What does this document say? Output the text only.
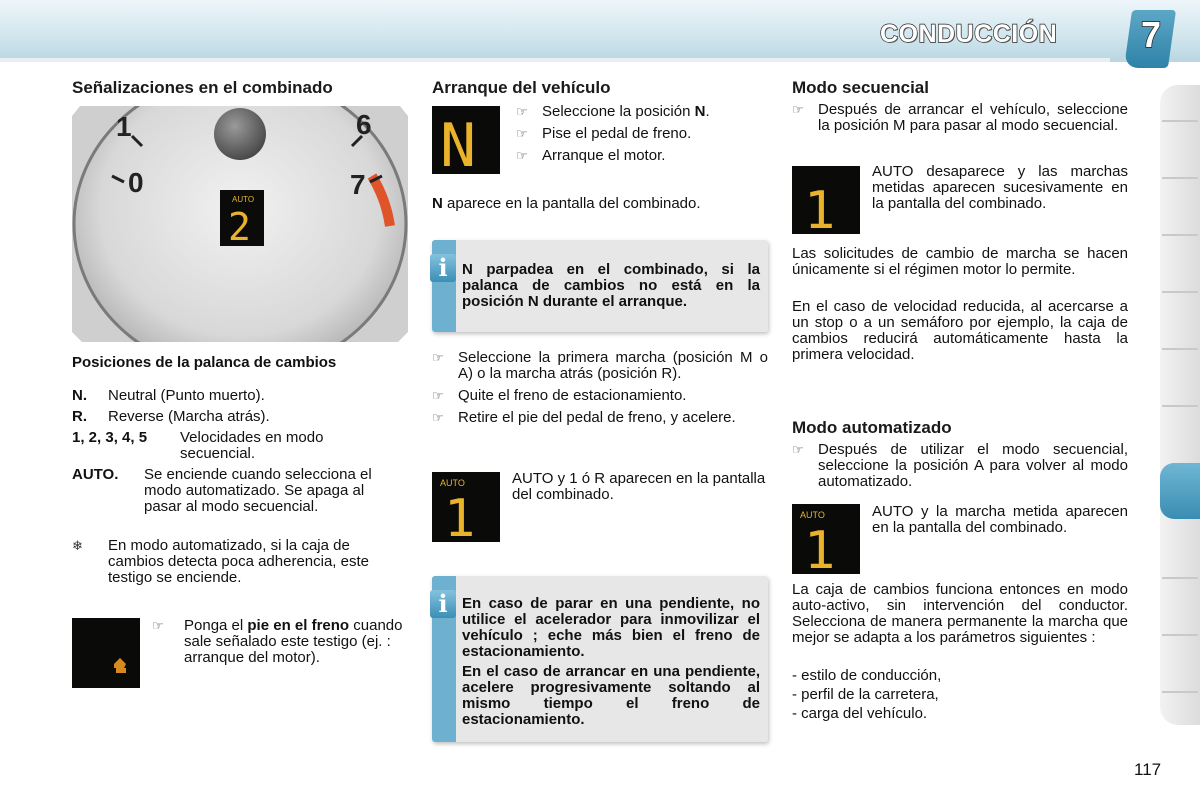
CONDUCCIÓN 7
Señalizaciones en el combinado
1	6
0	7
AUTO
2
Posiciones de la palanca de cambios
N.	Neutral (Punto muerto).
R.	Reverse (Marcha atrás).
1, 2, 3, 4, 5	Velocidades en modo secuencial.
AUTO.	Se enciende cuando selecciona el modo automatizado. Se apaga al pasar al modo secuencial.
❄	En modo automatizado, si la caja de cambios detecta poca adherencia, este testigo se enciende.
☞	Ponga el pie en el freno cuando sale señalado este testigo (ej. : arranque del motor).
Arranque del vehículo
N	☞ Seleccione la posición N.
☞ Pise el pedal de freno.
☞ Arranque el motor.
N aparece en la pantalla del combinado.
i N parpadea en el combinado, si la palanca de cambios no está en la posición N durante el arranque.
☞ Seleccione la primera marcha (posición M o A) o la marcha atrás (posición R).
☞ Quite el freno de estacionamiento.
☞ Retire el pie del pedal de freno, y acelere.
AUTO
1
AUTO y 1 ó R aparecen en la pantalla del combinado.
i En caso de parar en una pendiente, no utilice el acelerador para inmovilizar el vehículo ; eche más bien el freno de estacionamiento.
En el caso de arrancar en una pendiente, acelere progresivamente soltando al mismo tiempo el freno de estacionamiento.
Modo secuencial
☞ Después de arrancar el vehículo, seleccione la posición M para pasar al modo secuencial.
1
AUTO desaparece y las marchas metidas aparecen sucesivamente en la pantalla del combinado.
Las solicitudes de cambio de marcha se hacen únicamente si el régimen motor lo permite.
En el caso de velocidad reducida, al acercarse a un stop o a un semáforo por ejemplo, la caja de cambios reducirá automáticamente hasta la primera velocidad.
Modo automatizado
☞ Después de utilizar el modo secuencial, seleccione la posición A para volver al modo automatizado.
AUTO
1
AUTO y la marcha metida aparecen en la pantalla del combinado.
La caja de cambios funciona entonces en modo auto-activo, sin intervención del conductor. Selecciona de manera permanente la marcha que mejor se adapta a los parámetros siguientes :
- estilo de conducción,
- perfil de la carretera,
- carga del vehículo.
117
